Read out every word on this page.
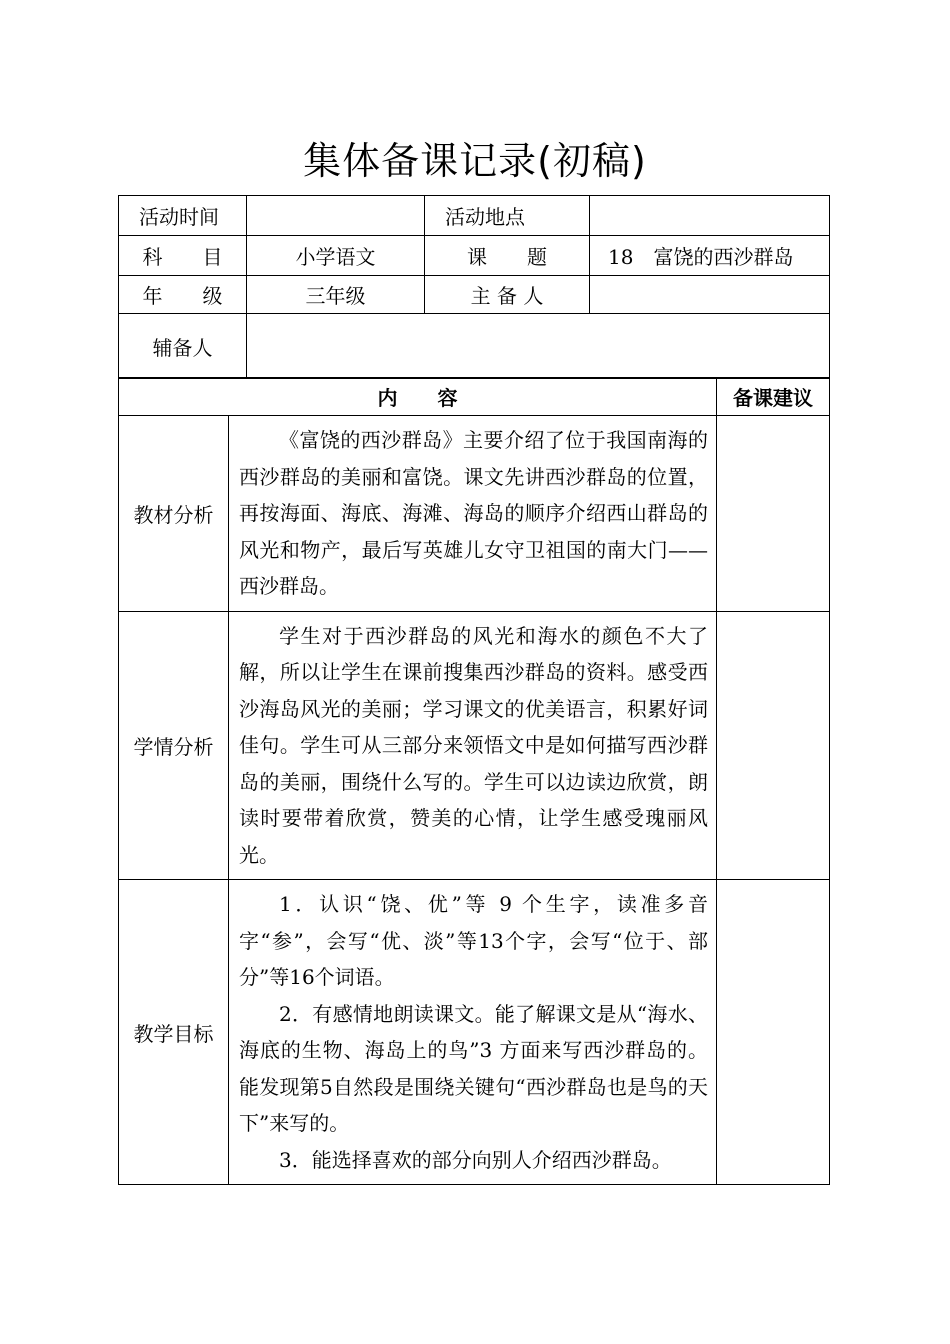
集体备课记录(初稿)
活动时间		活动地点	
科　　目	小学语文	课　　题	18　富饶的西沙群岛
年　　级	三年级	主 备 人	
辅备人			
内　　容		备课建议
教材分析	《富饶的西沙群岛》主要介绍了位于我国南海的西沙群岛的美丽和富饶。课文先讲西沙群岛的位置，再按海面、海底、海滩、海岛的顺序介绍西山群岛的风光和物产，最后写英雄儿女守卫祖国的南大门——西沙群岛。	

学情分析	学生对于西沙群岛的风光和海水的颜色不大了解，所以让学生在课前搜集西沙群岛的资料。感受西沙海岛风光的美丽；学习课文的优美语言，积累好词佳句。学生可从三部分来领悟文中是如何描写西沙群岛的美丽，围绕什么写的。学生可以边读边欣赏，朗读时要带着欣赏，赞美的心情，让学生感受瑰丽风光。	

教学目标	1．认识“饶、优”等 9 个生字，读准多音字“参”，会写“优、淡”等13个字，会写“位于、部分”等16个词语。

2．有感情地朗读课文。能了解课文是从“海水、海底的生物、海岛上的鸟”3 方面来写西沙群岛的。能发现第5自然段是围绕关键句“西沙群岛也是鸟的天下”来写的。

3．能选择喜欢的部分向别人介绍西沙群岛。	
